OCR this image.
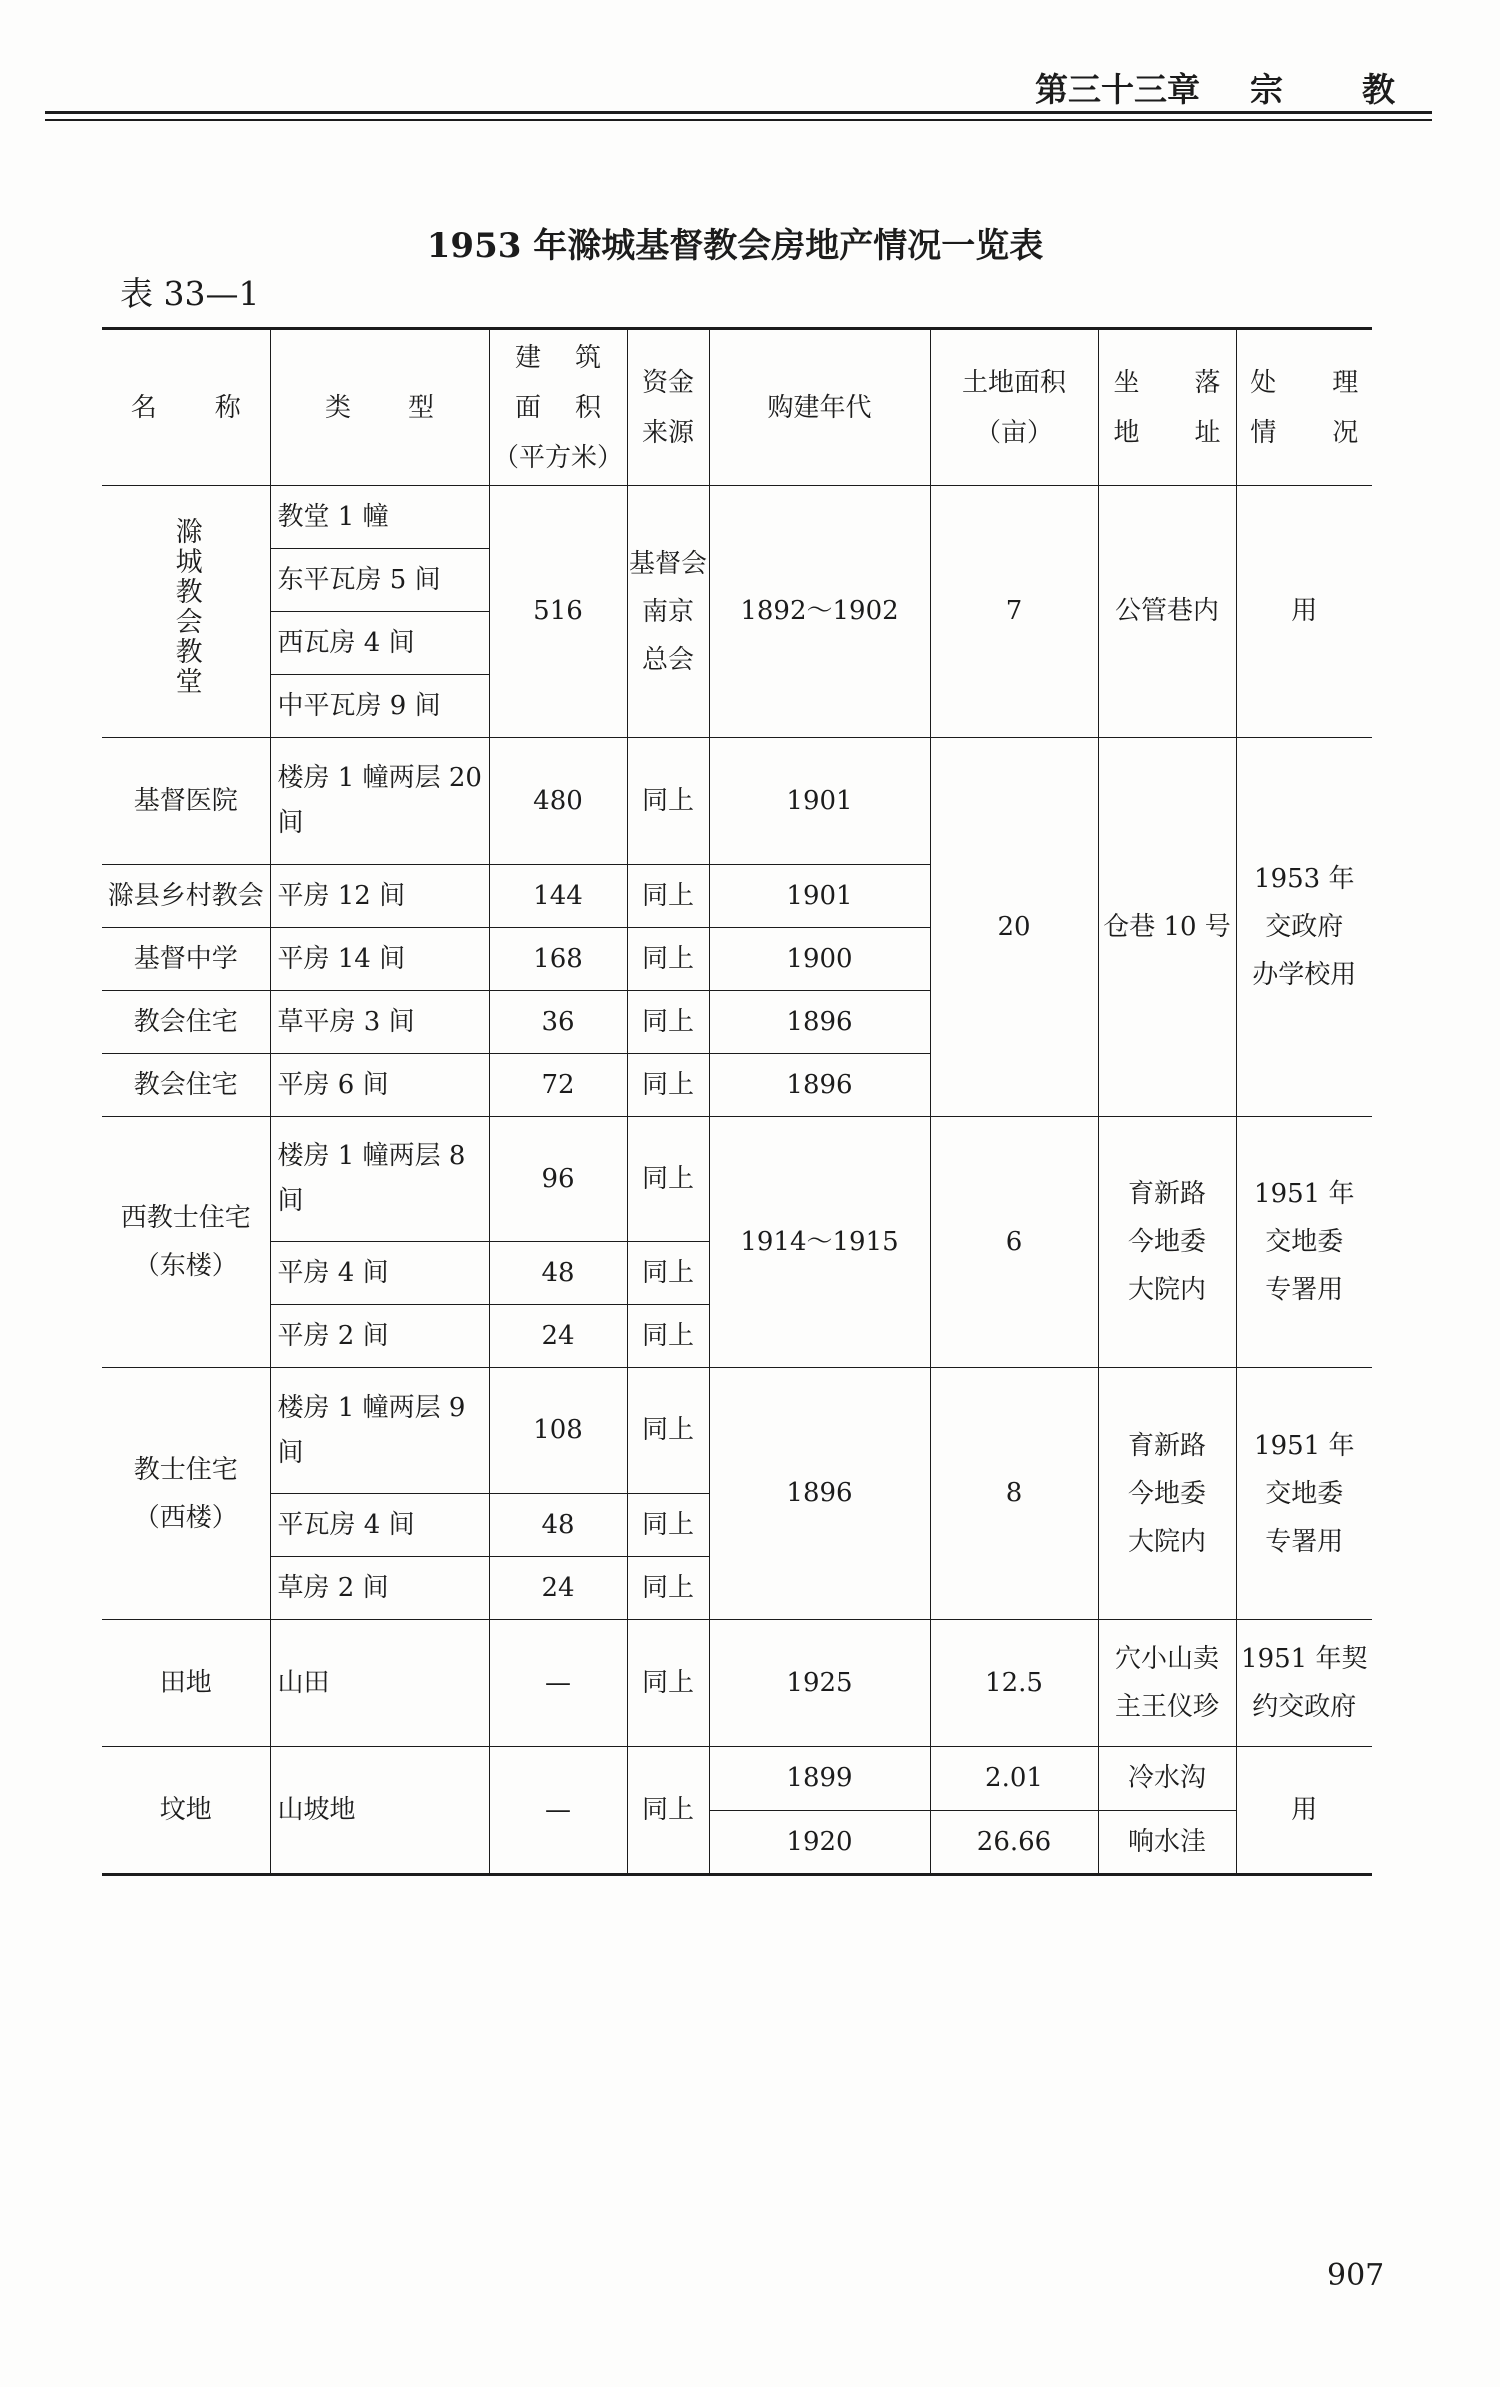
第三十三章 宗教
1953 年滁城基督教会房地产情况一览表
表 33—1
名称	类型	建筑
面积
（平方米）	资金
来源	购建年代	土地面积
（亩）	坐落
地址	处理
情况
滁城教会教堂	教堂 1 幢	516	基督会
南京
总会	1892～1902	7	公管巷内	用
	东平瓦房 5 间						
	西瓦房 4 间						
	中平瓦房 9 间						
基督医院	楼房 1 幢两层 20
间	480	同上	1901	20	仓巷 10 号	1953 年
交政府
办学校用

滁县乡村教会	平房 12 间	144	同上	1901			
基督中学	平房 14 间	168	同上	1900			
教会住宅	草平房 3 间	36	同上	1896			
教会住宅	平房 6 间	72	同上	1896			

西教士住宅
（东楼）	楼房 1 幢两层 8
间	96	同上	1914～1915	6	育新路
今地委
大院内	1951 年
交地委
专署用

	平房 4 间	48	同上				
	平房 2 间	24	同上				

教士住宅
（西楼）	楼房 1 幢两层 9
间	108	同上	1896	8	育新路
今地委
大院内	1951 年
交地委
专署用

	平瓦房 4 间	48	同上				
	草房 2 间	24	同上				
田地	山田	—	同上	1925	12.5	穴小山卖
主王仪珍	1951 年契
约交政府

坟地	山坡地	—	同上	1899	2.01	冷水沟	用
				1920	26.66	响水洼	
907
